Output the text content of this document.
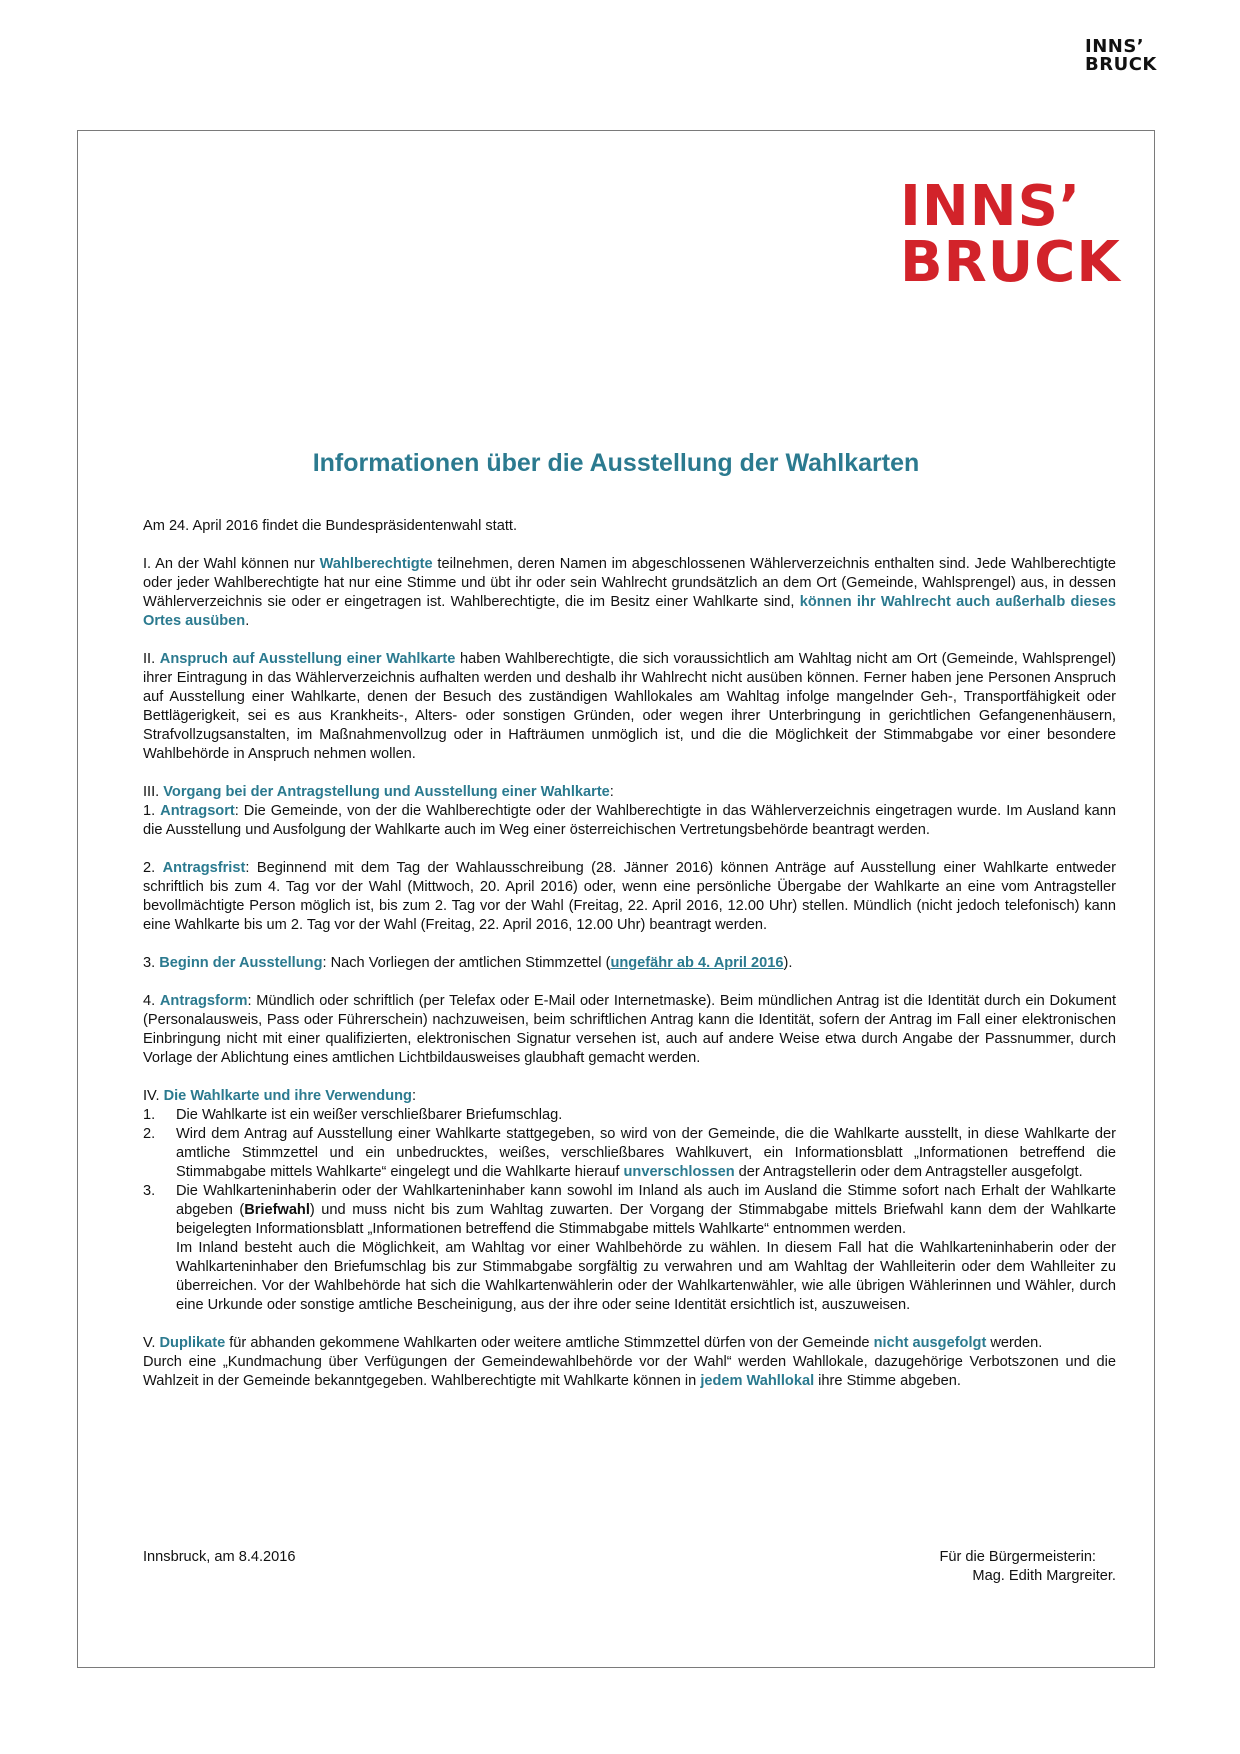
INNS’
BRUCK
INNS’
BRUCK
Informationen über die Ausstellung der Wahlkarten

Am 24. April 2016 findet die Bundespräsidentenwahl statt.

I. An der Wahl können nur Wahlberechtigte teilnehmen, deren Namen im abgeschlossenen Wählerverzeichnis enthalten sind. Jede Wahlberechtigte oder jeder Wahlberechtigte hat nur eine Stimme und übt ihr oder sein Wahlrecht grundsätzlich an dem Ort (Gemeinde, Wahlsprengel) aus, in dessen Wählerverzeichnis sie oder er eingetragen ist. Wahlberechtigte, die im Besitz einer Wahlkarte sind, können ihr Wahlrecht auch außerhalb dieses Ortes ausüben.

II. Anspruch auf Ausstellung einer Wahlkarte haben Wahlberechtigte, die sich voraussichtlich am Wahltag nicht am Ort (Gemeinde, Wahlsprengel) ihrer Eintragung in das Wählerverzeichnis aufhalten werden und deshalb ihr Wahlrecht nicht ausüben können. Ferner haben jene Personen Anspruch auf Ausstellung einer Wahlkarte, denen der Besuch des zuständigen Wahllokales am Wahltag infolge mangelnder Geh-, Transportfähigkeit oder Bettlägerigkeit, sei es aus Krankheits-, Alters- oder sonstigen Gründen, oder wegen ihrer Unterbringung in gerichtlichen Gefangenenhäusern, Strafvollzugsanstalten, im Maßnahmenvollzug oder in Hafträumen unmöglich ist, und die die Möglichkeit der Stimmabgabe vor einer besondere Wahlbehörde in Anspruch nehmen wollen.

III. Vorgang bei der Antragstellung und Ausstellung einer Wahlkarte:

1. Antragsort: Die Gemeinde, von der die Wahlberechtigte oder der Wahlberechtigte in das Wählerverzeichnis eingetragen wurde. Im Ausland kann die Ausstellung und Ausfolgung der Wahlkarte auch im Weg einer österreichischen Vertretungsbehörde beantragt werden.

2. Antragsfrist: Beginnend mit dem Tag der Wahlausschreibung (28. Jänner 2016) können Anträge auf Ausstellung einer Wahlkarte entweder schriftlich bis zum 4. Tag vor der Wahl (Mittwoch, 20. April 2016) oder, wenn eine persönliche Übergabe der Wahlkarte an eine vom Antragsteller bevollmächtigte Person möglich ist, bis zum 2. Tag vor der Wahl (Freitag, 22. April 2016, 12.00 Uhr) stellen. Mündlich (nicht jedoch telefonisch) kann eine Wahlkarte bis um 2. Tag vor der Wahl (Freitag, 22. April 2016, 12.00 Uhr) beantragt werden.

3. Beginn der Ausstellung: Nach Vorliegen der amtlichen Stimmzettel (ungefähr ab 4. April 2016).

4. Antragsform: Mündlich oder schriftlich (per Telefax oder E-Mail oder Internetmaske). Beim mündlichen Antrag ist die Identität durch ein Dokument (Personalausweis, Pass oder Führerschein) nachzuweisen, beim schriftlichen Antrag kann die Identität, sofern der Antrag im Fall einer elektronischen Einbringung nicht mit einer qualifizierten, elektronischen Signatur versehen ist, auch auf andere Weise etwa durch Angabe der Passnummer, durch Vorlage der Ablichtung eines amtlichen Lichtbildausweises glaubhaft gemacht werden.

IV. Die Wahlkarte und ihre Verwendung:
1.	Die Wahlkarte ist ein weißer verschließbarer Briefumschlag.
2.	Wird dem Antrag auf Ausstellung einer Wahlkarte stattgegeben, so wird von der Gemeinde, die die Wahlkarte ausstellt, in diese Wahlkarte der amtliche Stimmzettel und ein unbedrucktes, weißes, verschließbares Wahlkuvert, ein Informationsblatt „Informationen betreffend die Stimmabgabe mittels Wahlkarte“ eingelegt und die Wahlkarte hierauf unverschlossen der Antragstellerin oder dem Antragsteller ausgefolgt.
3.	Die Wahlkarteninhaberin oder der Wahlkarteninhaber kann sowohl im Inland als auch im Ausland die Stimme sofort nach Erhalt der Wahlkarte abgeben (Briefwahl) und muss nicht bis zum Wahltag zuwarten. Der Vorgang der Stimmabgabe mittels Briefwahl kann dem der Wahlkarte beigelegten Informationsblatt „Informationen betreffend die Stimmabgabe mittels Wahlkarte“ entnommen werden.
Im Inland besteht auch die Möglichkeit, am Wahltag vor einer Wahlbehörde zu wählen. In diesem Fall hat die Wahlkarteninhaberin oder der Wahlkarteninhaber den Briefumschlag bis zur Stimmabgabe sorgfältig zu verwahren und am Wahltag der Wahlleiterin oder dem Wahlleiter zu überreichen. Vor der Wahlbehörde hat sich die Wahlkartenwählerin oder der Wahlkartenwähler, wie alle übrigen Wählerinnen und Wähler, durch eine Urkunde oder sonstige amtliche Bescheinigung, aus der ihre oder seine Identität ersichtlich ist, auszuweisen.
V. Duplikate für abhanden gekommene Wahlkarten oder weitere amtliche Stimmzettel dürfen von der Gemeinde nicht ausgefolgt werden.
Durch eine „Kundmachung über Verfügungen der Gemeindewahlbehörde vor der Wahl“ werden Wahllokale, dazugehörige Verbotszonen und die Wahlzeit in der Gemeinde bekanntgegeben. Wahlberechtigte mit Wahlkarte können in jedem Wahllokal ihre Stimme abgeben.
Innsbruck, am 8.4.2016	Für die Bürgermeisterin:
Mag. Edith Margreiter.
